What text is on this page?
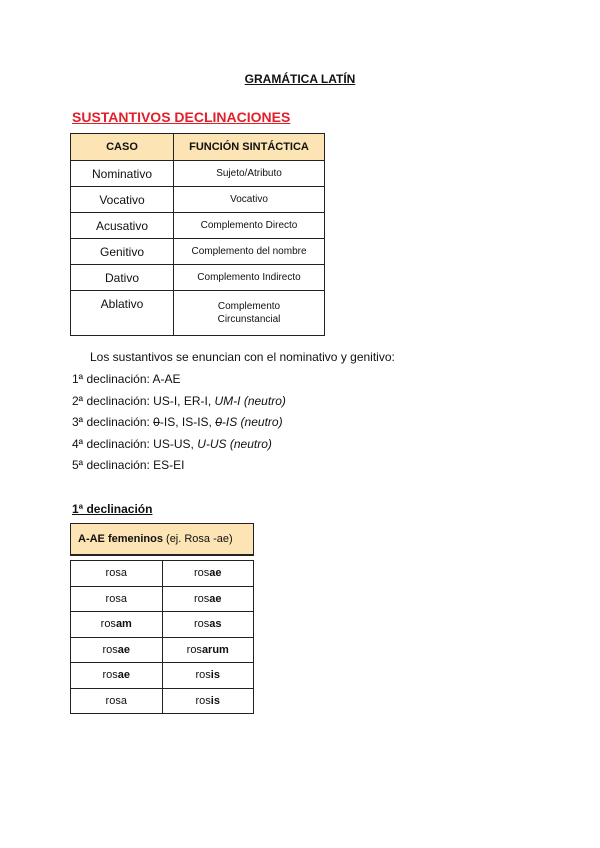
GRAMÁTICA LATÍN
SUSTANTIVOS DECLINACIONES
CASO	FUNCIÓN SINTÁCTICA
Nominativo	Sujeto/Atributo
Vocativo	Vocativo
Acusativo	Complemento Directo
Genitivo	Complemento del nombre
Dativo	Complemento Indirecto
Ablativo	Complemento
Circunstancial
Los sustantivos se enuncian con el nominativo y genitivo:
1ª declinación: A-AE
2ª declinación: US-I, ER-I, UM-I (neutro)
3ª declinación: 0-IS, IS-IS, 0-IS (neutro)
4ª declinación: US-US, U-US (neutro)
5ª declinación: ES-EI
1ª declinación
A-AE femeninos (ej. Rosa -ae)	

rosa	rosae
rosa	rosae
rosam	rosas
rosae	rosarum
rosae	rosis
rosa	rosis
